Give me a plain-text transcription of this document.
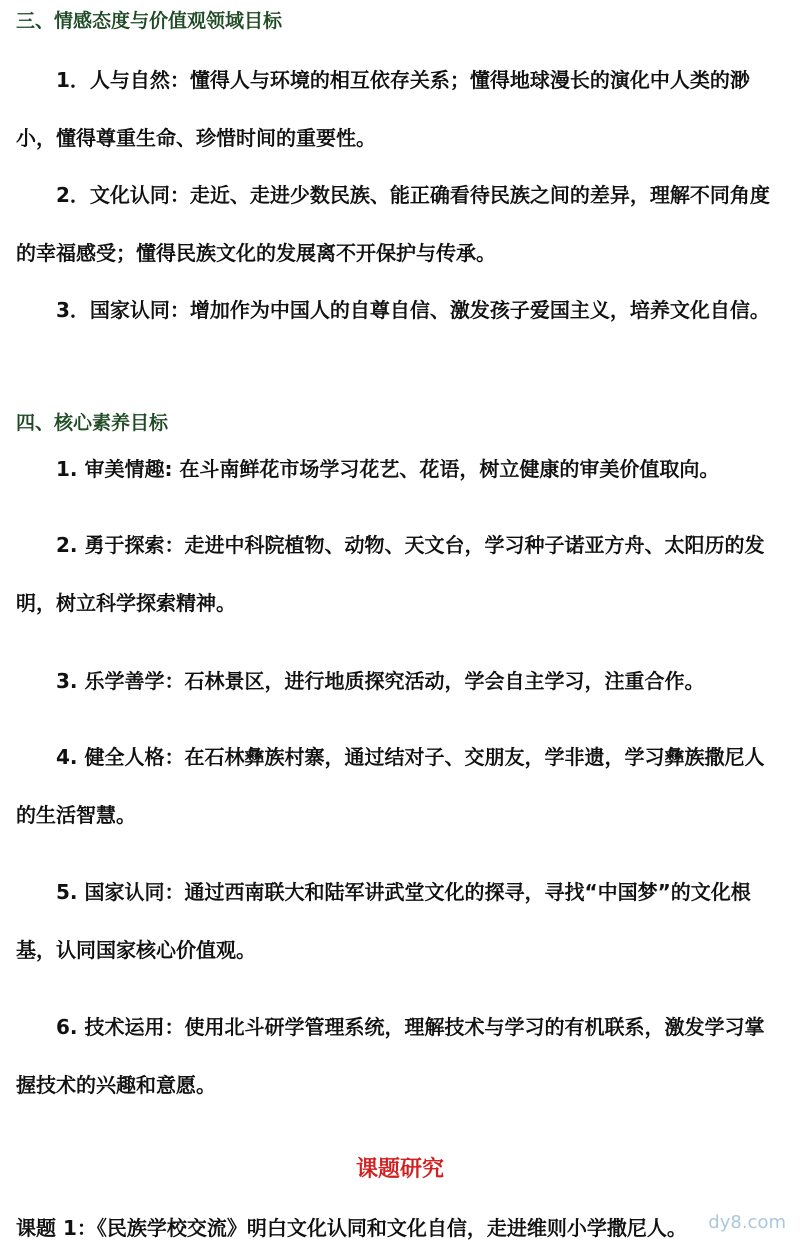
三、情感态度与价值观领域目标
1．人与自然：懂得人与环境的相互依存关系；懂得地球漫长的演化中人类的渺小，懂得尊重生命、珍惜时间的重要性。
2．文化认同：走近、走进少数民族、能正确看待民族之间的差异，理解不同角度的幸福感受；懂得民族文化的发展离不开保护与传承。
3．国家认同：增加作为中国人的自尊自信、激发孩子爱国主义，培养文化自信。
四、核心素养目标
1. 审美情趣: 在斗南鲜花市场学习花艺、花语，树立健康的审美价值取向。
2. 勇于探索：走进中科院植物、动物、天文台，学习种子诺亚方舟、太阳历的发明，树立科学探索精神。
3. 乐学善学：石林景区，进行地质探究活动，学会自主学习，注重合作。
4. 健全人格：在石林彝族村寨，通过结对子、交朋友，学非遗，学习彝族撒尼人的生活智慧。
5. 国家认同：通过西南联大和陆军讲武堂文化的探寻，寻找“中国梦”的文化根基，认同国家核心价值观。
6. 技术运用：使用北斗研学管理系统，理解技术与学习的有机联系，激发学习掌握技术的兴趣和意愿。
课题研究
课题 1：《民族学校交流》明白文化认同和文化自信，走进维则小学撒尼人。	dy8.com
